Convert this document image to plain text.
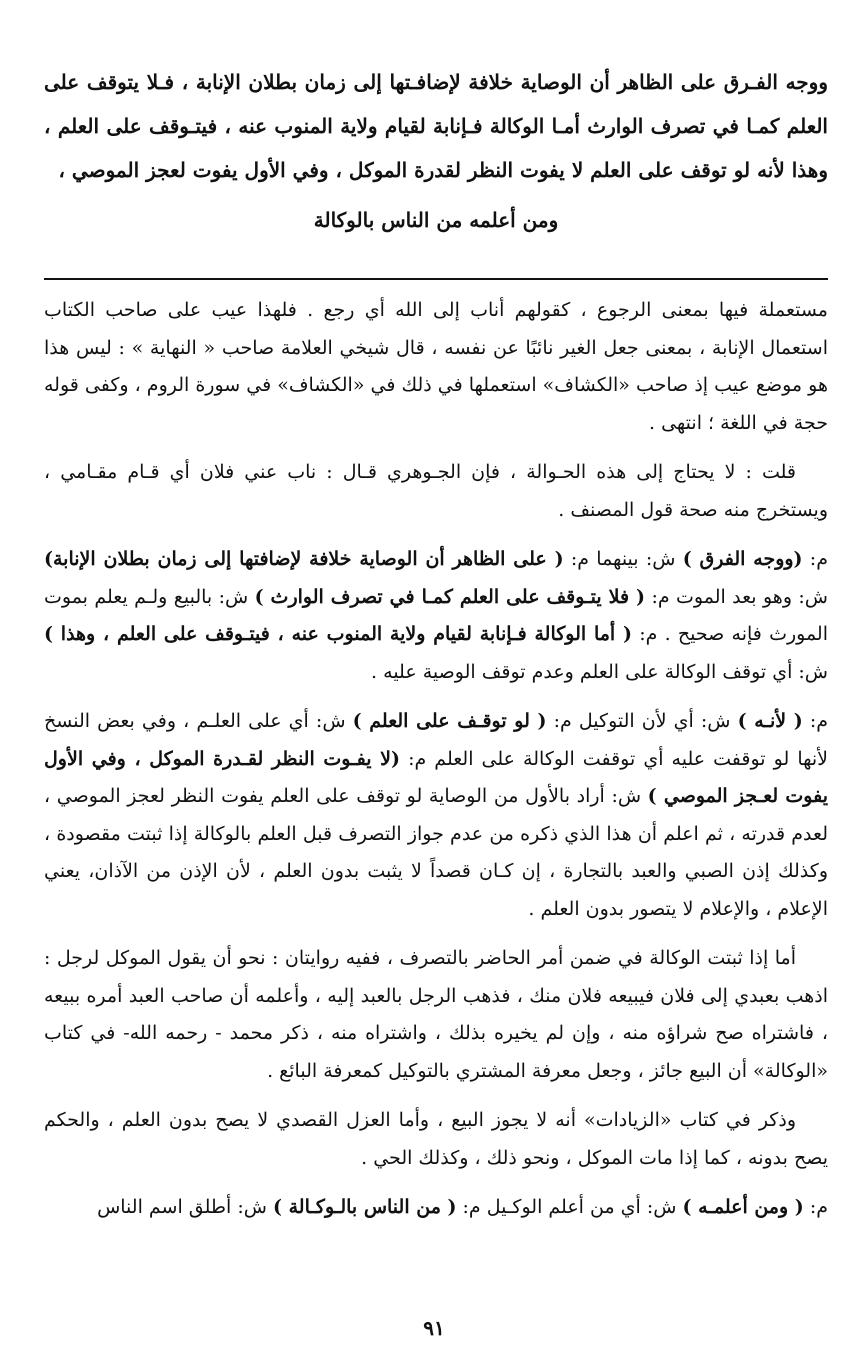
ووجه الفـرق على الظاهر أن الوصاية خلافة لإضافـتها إلى زمان بطلان الإنابة ، فـلا يتوقف على العلم كمـا في تصرف الوارث أمـا الوكالة فـإنابة لقيام ولاية المنوب عنه ، فيتـوقف على العلم ، وهذا لأنه لو توقف على العلم لا يفوت النظر لقدرة الموكل ، وفي الأول يفوت لعجز الموصي ،
ومن أعلمه من الناس بالوكالة

مستعملة فيها بمعنى الرجوع ، كقولهم أناب إلى الله أي رجع . فلهذا عيب على صاحب الكتاب استعمال الإنابة ، بمعنى جعل الغير نائبًا عن نفسه ، قال شيخي العلامة صاحب « النهاية » : ليس هذا هو موضع عيب إذ صاحب «الكشاف» استعملها في ذلك في «الكشاف» في سورة الروم ، وكفى قوله حجة في اللغة ؛ انتهى .

قلت : لا يحتاج إلى هذه الحـوالة ، فإن الجـوهري قـال : ناب عني فلان أي قـام مقـامي ، ويستخرج منه صحة قول المصنف .

م: (ووجه الفرق ) ش: بينهما م: ( على الظاهر أن الوصاية خلافة لإضافتها إلى زمان بطلان الإنابة) ش: وهو بعد الموت م: ( فلا يتـوقف على العلم كمـا في تصرف الوارث ) ش: بالبيع ولـم يعلم بموت المورث فإنه صحيح . م: ( أما الوكالة فـإنابة لقيام ولاية المنوب عنه ، فيتـوقف على العلم ، وهذا ) ش: أي توقف الوكالة على العلم وعدم توقف الوصية عليه .

م: ( لأنـه ) ش: أي لأن التوكيل م: ( لو توقـف على العلم ) ش: أي على العلـم ، وفي بعض النسخ لأنها لو توقفت عليه أي توقفت الوكالة على العلم م: (لا يفـوت النظر لقـدرة الموكل ، وفي الأول يفوت لعـجز الموصي ) ش: أراد بالأول من الوصاية لو توقف على العلم يفوت النظر لعجز الموصي ، لعدم قدرته ، ثم اعلم أن هذا الذي ذكره من عدم جواز التصرف قبل العلم بالوكالة إذا ثبتت مقصودة ، وكذلك إذن الصبي والعبد بالتجارة ، إن كـان قصداً لا يثبت بدون العلم ، لأن الإذن من الآذان، يعني الإعلام ، والإعلام لا يتصور بدون العلم .

أما إذا ثبتت الوكالة في ضمن أمر الحاضر بالتصرف ، ففيه روايتان : نحو أن يقول الموكل لرجل : اذهب بعبدي إلى فلان فيبيعه فلان منك ، فذهب الرجل بالعبد إليه ، وأعلمه أن صاحب العبد أمره ببيعه ، فاشتراه صح شراؤه منه ، وإن لم يخيره بذلك ، واشتراه منه ، ذكر محمد - رحمه الله- في كتاب «الوكالة» أن البيع جائز ، وجعل معرفة المشتري بالتوكيل كمعرفة البائع .

وذكر في كتاب «الزيادات» أنه لا يجوز البيع ، وأما العزل القصدي لا يصح بدون العلم ، والحكم يصح بدونه ، كما إذا مات الموكل ، ونحو ذلك ، وكذلك الحي .

م: ( ومن أعلمـه ) ش: أي من أعلم الوكـيل م: ( من الناس بالـوكـالة ) ش: أطلق اسم الناس

٩١
